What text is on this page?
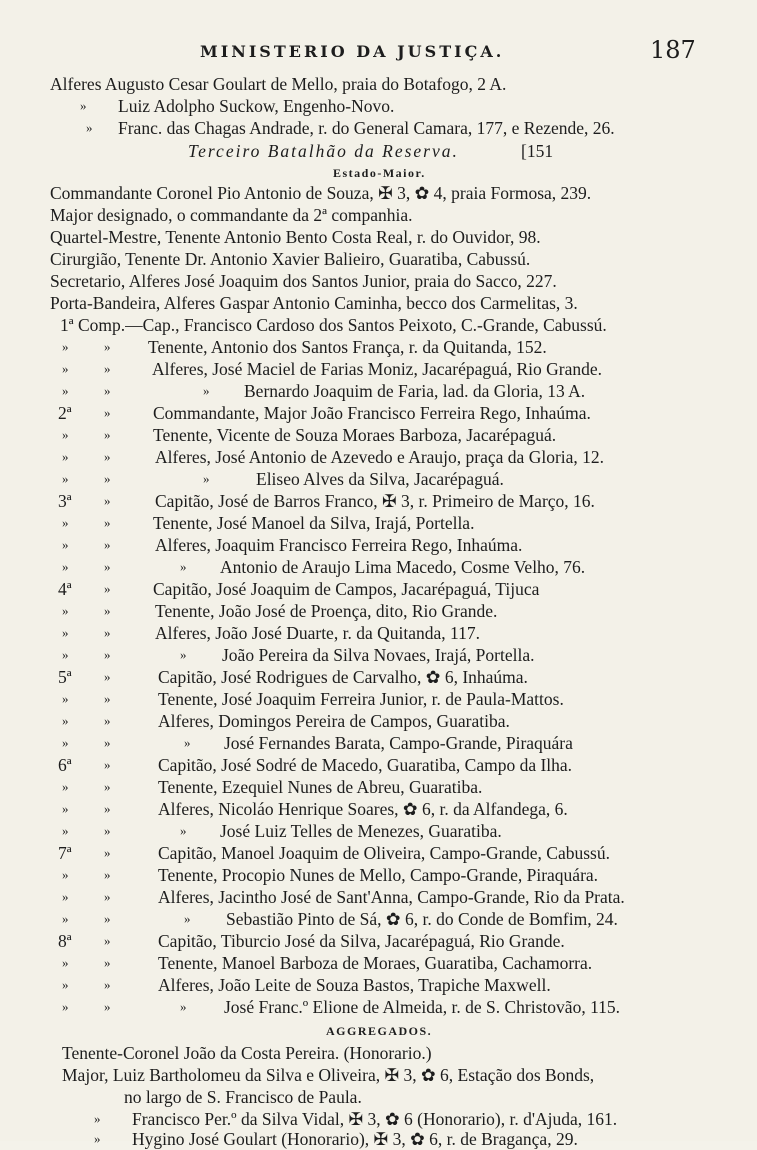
MINISTERIO DA JUSTIÇA.	187
Alferes Augusto Cesar Goulart de Mello, praia do Botafogo, 2 A.
» Luiz Adolpho Suckow, Engenho-Novo.
» Franc. das Chagas Andrade, r. do General Camara, 177, e Rezende, 26.
Terceiro Batalhão da Reserva.	[151
Estado-Maior.
Commandante Coronel Pio Antonio de Souza, ✠ 3, ✿ 4, praia Formosa, 239.
Major designado, o commandante da 2ª companhia.
Quartel-Mestre, Tenente Antonio Bento Costa Real, r. do Ouvidor, 98.
Cirurgião, Tenente Dr. Antonio Xavier Balieiro, Guaratiba, Cabussú.
Secretario, Alferes José Joaquim dos Santos Junior, praia do Sacco, 227.
Porta-Bandeira, Alferes Gaspar Antonio Caminha, becco dos Carmelitas, 3.
1ª Comp.—Cap., Francisco Cardoso dos Santos Peixoto, C.-Grande, Cabussú.
»	» Tenente, Antonio dos Santos França, r. da Quitanda, 152.
»	» Alferes, José Maciel de Farias Moniz, Jacarépaguá, Rio Grande.
»	»	» Bernardo Joaquim de Faria, lad. da Gloria, 13 A.
2ª » Commandante, Major João Francisco Ferreira Rego, Inhaúma.
»	» Tenente, Vicente de Souza Moraes Barboza, Jacarépaguá.
»	»	Alferes, José Antonio de Azevedo e Araujo, praça da Gloria, 12.
»	»	»	Eliseo Alves da Silva, Jacarépaguá.
3ª »	Capitão, José de Barros Franco, ✠ 3, r. Primeiro de Março, 16.
»	» Tenente, José Manoel da Silva, Irajá, Portella.
»	»	Alferes, Joaquim Francisco Ferreira Rego, Inhaúma.
»	»	» Antonio de Araujo Lima Macedo, Cosme Velho, 76.
4ª » Capitão, José Joaquim de Campos, Jacarépaguá, Tijuca
»	»	Tenente, João José de Proença, dito, Rio Grande.
»	»	Alferes, João José Duarte, r. da Quitanda, 117.
»	»	» João Pereira da Silva Novaes, Irajá, Portella.
5ª »	Capitão, José Rodrigues de Carvalho, ✿ 6, Inhaúma.
»	»	Tenente, José Joaquim Ferreira Junior, r. de Paula-Mattos.
»	»	Alferes, Domingos Pereira de Campos, Guaratiba.
»	»	» José Fernandes Barata, Campo-Grande, Piraquára
6ª »	Capitão, José Sodré de Macedo, Guaratiba, Campo da Ilha.
»	»	Tenente, Ezequiel Nunes de Abreu, Guaratiba.
»	»	Alferes, Nicoláo Henrique Soares, ✿ 6, r. da Alfandega, 6.
»	»	» José Luiz Telles de Menezes, Guaratiba.
7ª »	Capitão, Manoel Joaquim de Oliveira, Campo-Grande, Cabussú.
»	»	Tenente, Procopio Nunes de Mello, Campo-Grande, Piraquára.
»	»	Alferes, Jacintho José de Sant'Anna, Campo-Grande, Rio da Prata.
»	»	» Sebastião Pinto de Sá, ✿ 6, r. do Conde de Bomfim, 24.
8ª »	Capitão, Tiburcio José da Silva, Jacarépaguá, Rio Grande.
»	»	Tenente, Manoel Barboza de Moraes, Guaratiba, Cachamorra.
»	»	Alferes, João Leite de Souza Bastos, Trapiche Maxwell.
»	»	» José Franc.º Elione de Almeida, r. de S. Christovão, 115.
AGGREGADOS.
Tenente-Coronel João da Costa Pereira. (Honorario.)
Major, Luiz Bartholomeu da Silva e Oliveira, ✠ 3, ✿ 6, Estação dos Bonds,
no largo de S. Francisco de Paula.
» Francisco Per.º da Silva Vidal, ✠ 3, ✿ 6 (Honorario), r. d'Ajuda, 161.
» Hygino José Goulart (Honorario), ✠ 3, ✿ 6, r. de Bragança, 29.
